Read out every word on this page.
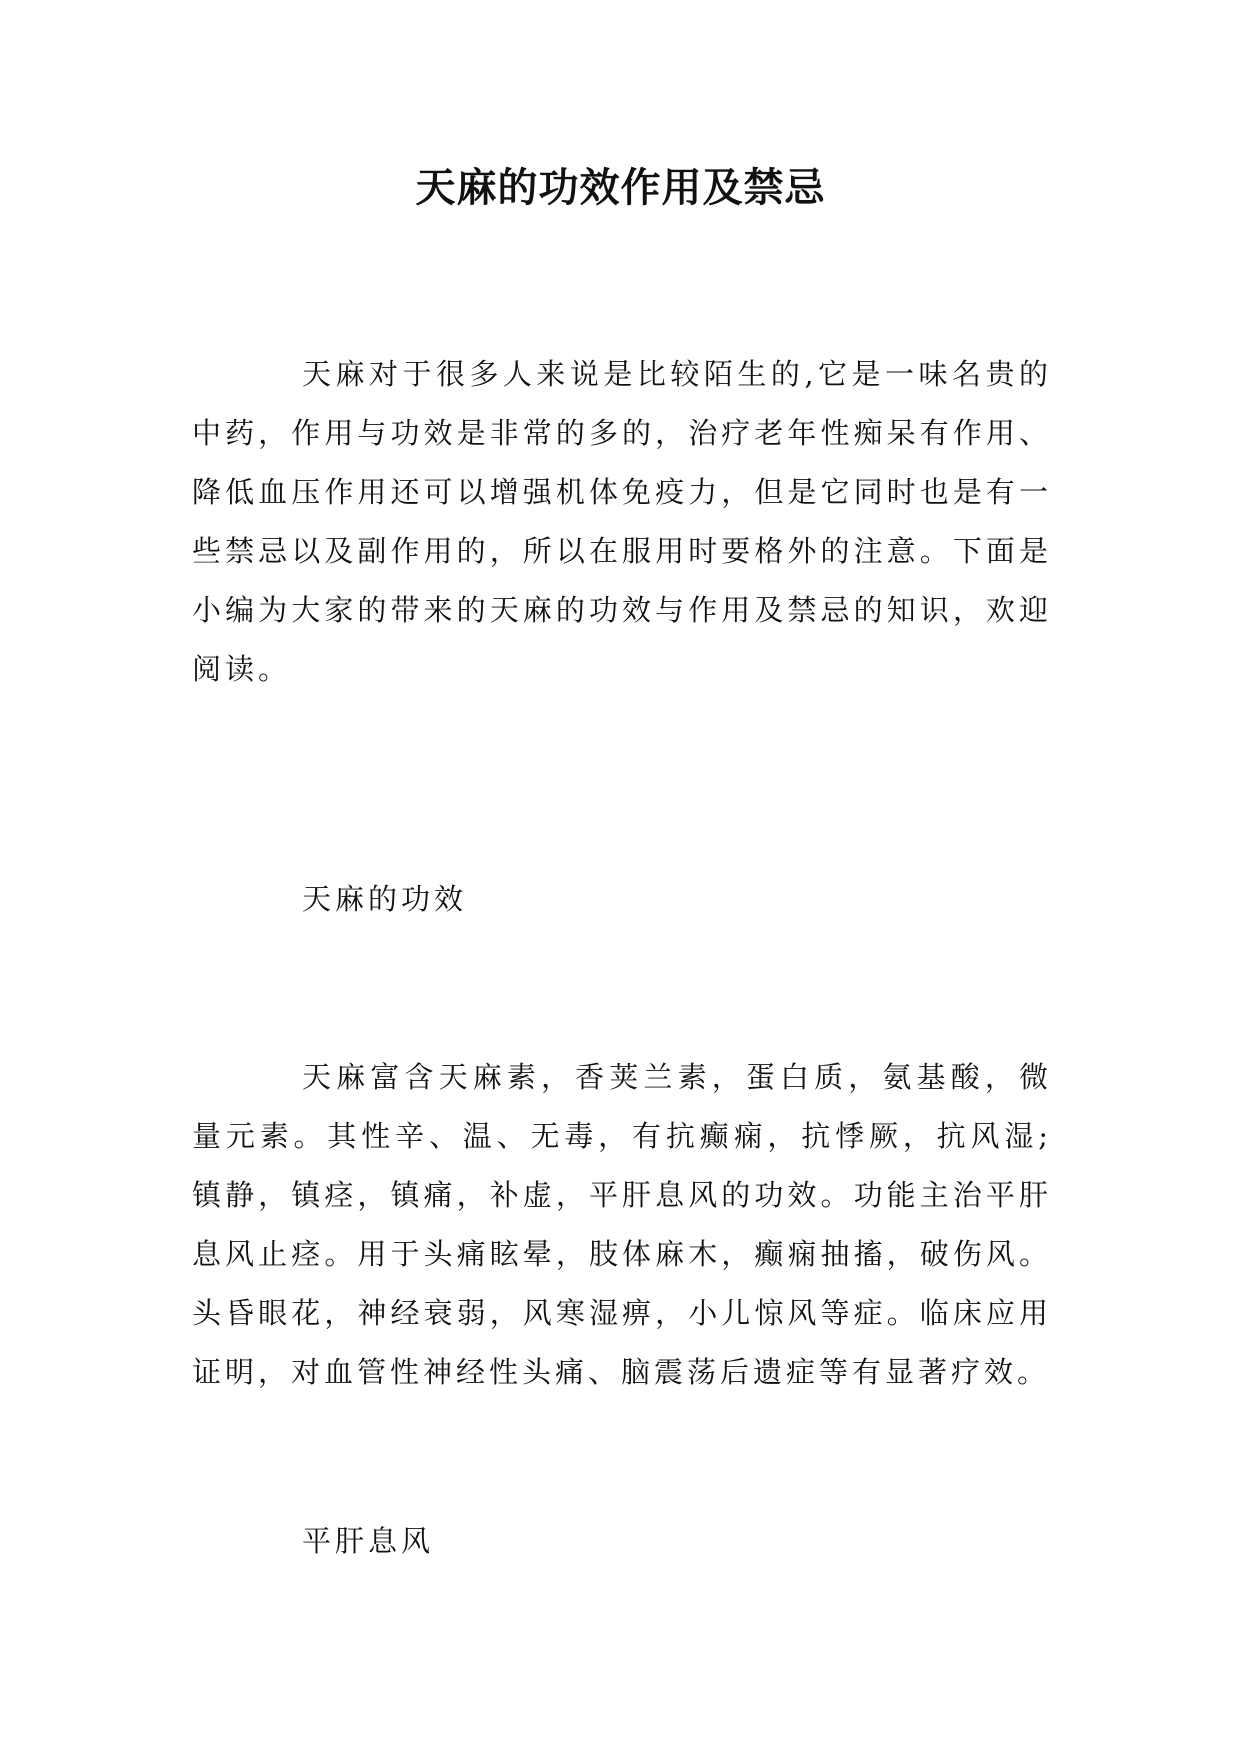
天麻的功效作用及禁忌
天麻对于很多人来说是比较陌生的,它是一味名贵的中药，作用与功效是非常的多的，治疗老年性痴呆有作用、降低血压作用还可以增强机体免疫力，但是它同时也是有一些禁忌以及副作用的，所以在服用时要格外的注意。下面是小编为大家的带来的天麻的功效与作用及禁忌的知识，欢迎阅读。
天麻的功效
天麻富含天麻素，香荚兰素，蛋白质，氨基酸，微量元素。其性辛、温、无毒，有抗癫痫，抗悸厥，抗风湿;镇静，镇痉，镇痛，补虚，平肝息风的功效。功能主治平肝息风止痉。用于头痛眩晕，肢体麻木，癫痫抽搐，破伤风。头昏眼花，神经衰弱，风寒湿痹，小儿惊风等症。临床应用证明，对血管性神经性头痛、脑震荡后遗症等有显著疗效。
平肝息风
